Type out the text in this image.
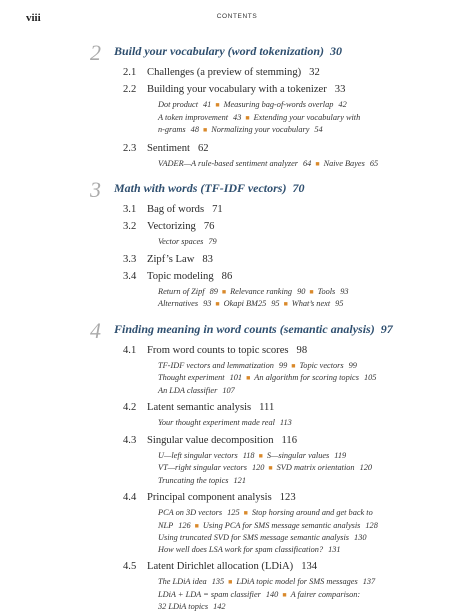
viii	CONTENTS
2 Build your vocabulary (word tokenization) 30
2.1	Challenges (a preview of stemming) 32
2.2	Building your vocabulary with a tokenizer 33
Dot product 41 ■ Measuring bag-of-words overlap 42
A token improvement 43 ■ Extending your vocabulary with
n-grams 48 ■ Normalizing your vocabulary 54
2.3	Sentiment 62
VADER—A rule-based sentiment analyzer 64 ■ Naive Bayes 65
3 Math with words (TF-IDF vectors) 70
3.1	Bag of words 71
3.2	Vectorizing 76
Vector spaces 79
3.3	Zipf’s Law 83
3.4	Topic modeling 86
Return of Zipf 89 ■ Relevance ranking 90 ■ Tools 93
Alternatives 93 ■ Okapi BM25 95 ■ What’s next 95
4 Finding meaning in word counts (semantic analysis) 97
4.1	From word counts to topic scores 98
TF-IDF vectors and lemmatization 99 ■ Topic vectors 99
Thought experiment 101 ■ An algorithm for scoring topics 105
An LDA classifier 107
4.2	Latent semantic analysis 111
Your thought experiment made real 113
4.3	Singular value decomposition 116
U—left singular vectors 118 ■ S—singular values 119
VT—right singular vectors 120 ■ SVD matrix orientation 120
Truncating the topics 121
4.4	Principal component analysis 123
PCA on 3D vectors 125 ■ Stop horsing around and get back to
NLP 126 ■ Using PCA for SMS message semantic analysis 128
Using truncated SVD for SMS message semantic analysis 130
How well does LSA work for spam classification? 131
4.5	Latent Dirichlet allocation (LDiA) 134
The LDiA idea 135 ■ LDiA topic model for SMS messages 137
LDiA + LDA = spam classifier 140 ■ A fairer comparison:
32 LDiA topics 142
